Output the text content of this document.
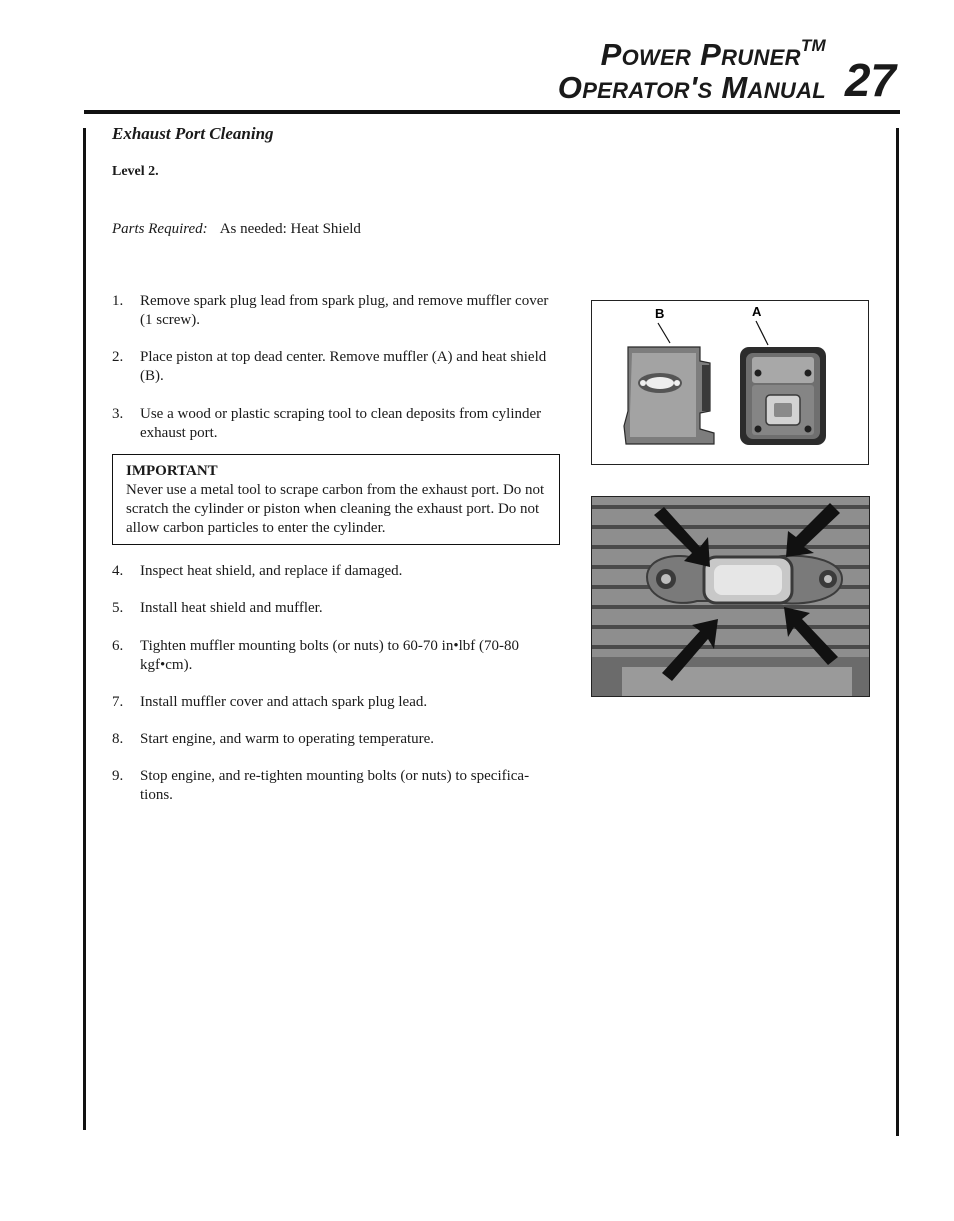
Power Pruner™
Operator's Manual 27
Exhaust Port Cleaning
Level 2.
Parts Required: As needed: Heat Shield
1. Remove spark plug lead from spark plug, and remove muffler cover (1 screw).
2. Place piston at top dead center. Remove muffler (A) and heat shield (B).
3. Use a wood or plastic scraping tool to clean deposits from cylinder exhaust port.
IMPORTANT
Never use a metal tool to scrape carbon from the exhaust port. Do not scratch the cylinder or piston when cleaning the exhaust port. Do not allow carbon particles to enter the cylinder.
4. Inspect heat shield, and replace if damaged.
5. Install heat shield and muffler.
6. Tighten muffler mounting bolts (or nuts) to 60-70 in•lbf (70-80 kgf•cm).
7. Install muffler cover and attach spark plug lead.
8. Start engine, and warm to operating temperature.
9. Stop engine, and re-tighten mounting bolts (or nuts) to specifica- tions.
B	A
